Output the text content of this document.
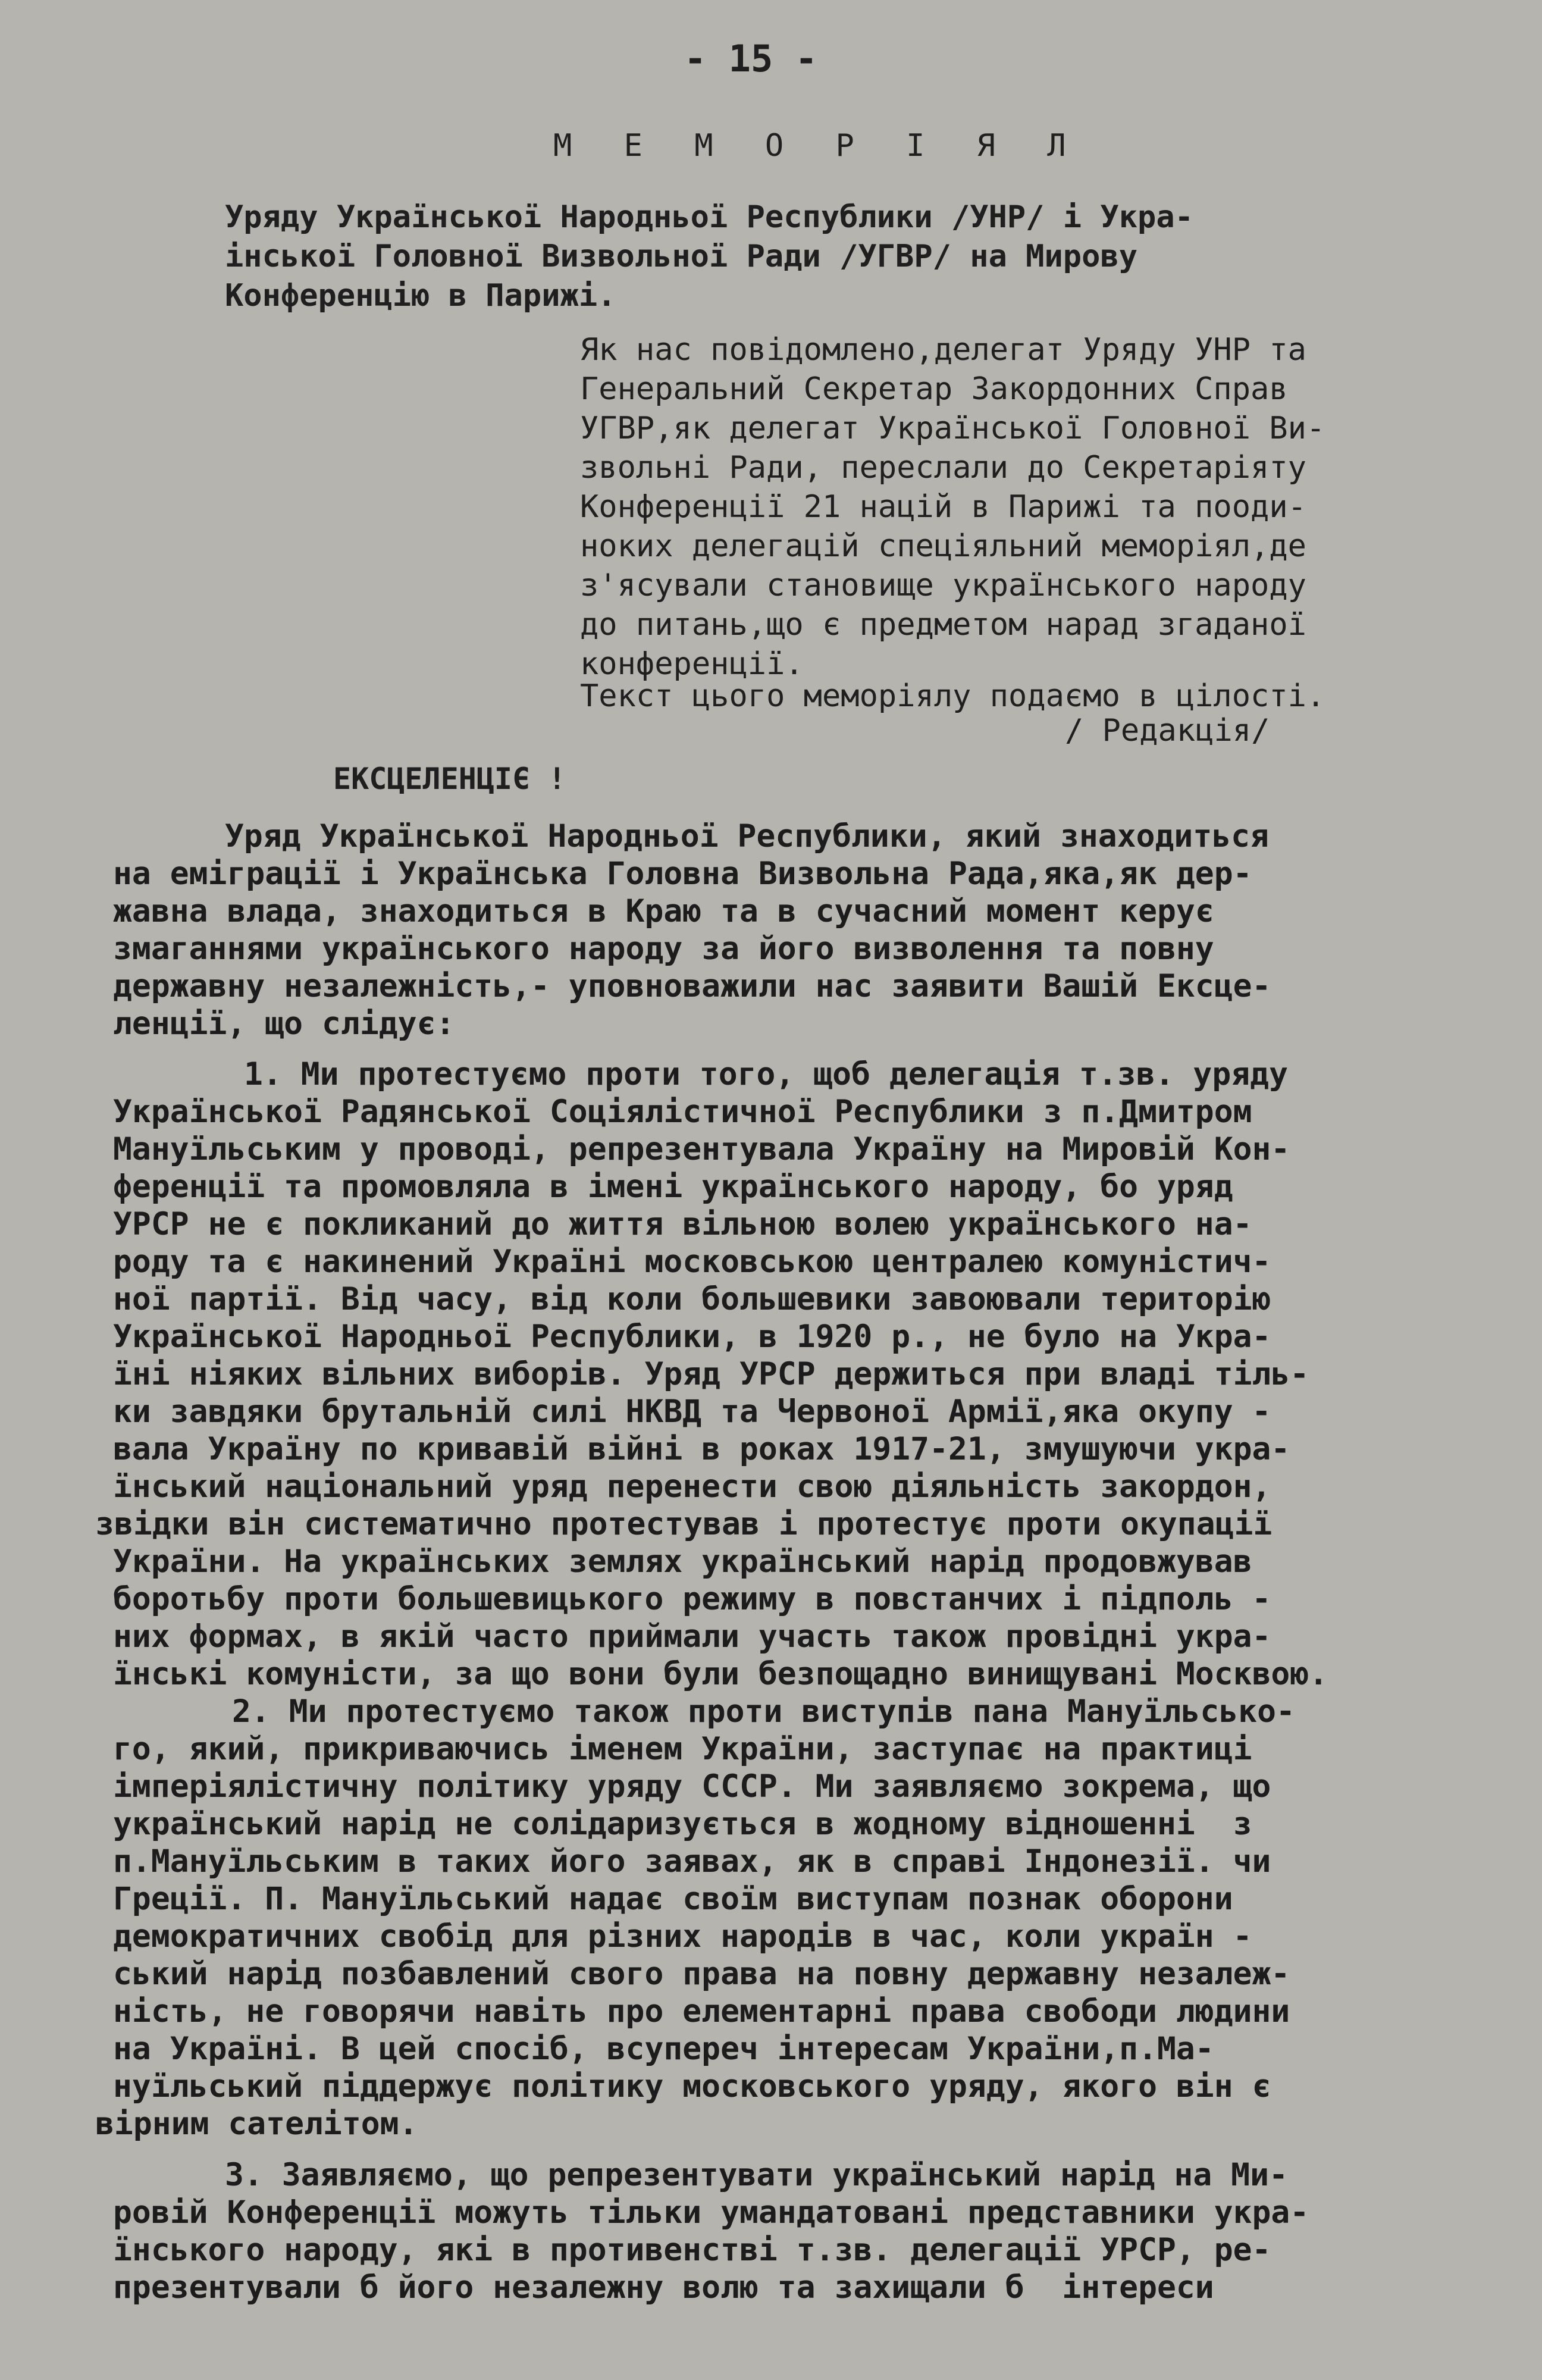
- 15 -
М Е М О Р І Я Л
Уряду Української Народньої Республики /УНР/ і Укра-
інської Головної Визвольної Ради /УГВР/ на Мирову
Конференцію в Парижі.
Як нас повідомлено,делегат Уряду УНР та
Генеральний Секретар Закордонних Справ
УГВР,як делегат Української Головної Ви-
звольні Ради, переслали до Секретаріяту
Конференції 21 націй в Парижі та пооди-
ноких делегацій спеціяльний меморіял,де
з'ясували становище українського народу
до питань,що є предметом нарад згаданої
конференції.
Текст цього меморіялу подаємо в цілості.
/ Редакція/
ЕКСЦЕЛЕНЦІЄ !
Уряд Української Народньої Республики, який знаходиться
на еміграції і Українська Головна Визвольна Рада,яка,як дер-
жавна влада, знаходиться в Краю та в сучасний момент керує
змаганнями українського народу за його визволення та повну
державну незалежність,- уповноважили нас заявити Вашій Ексце-
ленції, що слідує:
1. Ми протестуємо проти того, щоб делегація т.зв. уряду
Української Радянської Соціялістичної Республики з п.Дмитром
Мануїльським у проводі, репрезентувала Україну на Мировій Кон-
ференції та промовляла в імені українського народу, бо уряд
УРСР не є покликаний до життя вільною волею українського на-
роду та є накинений Україні московською централею комуністич-
ної партії. Від часу, від коли большевики завоювали територію
Української Народньої Республики, в 1920 р., не було на Укра-
їні ніяких вільних виборів. Уряд УРСР держиться при владі тіль-
ки завдяки брутальній силі НКВД та Червоної Армії,яка окупу -
вала Україну по кривавій війні в роках 1917-21, змушуючи укра-
їнський національний уряд перенести свою діяльність закордон,
звідки він систематично протестував і протестує проти окупації
України. На українських землях український нарід продовжував
боротьбу проти большевицького режиму в повстанчих і підполь -
них формах, в якій часто приймали участь також провідні укра-
їнські комуністи, за що вони були безпощадно винищувані Москвою.
2. Ми протестуємо також проти виступів пана Мануїльсько-
го, який, прикриваючись іменем України, заступає на практиці
імперіялістичну політику уряду СССР. Ми заявляємо зокрема, що
український нарід не солідаризується в жодному відношенні  з
п.Мануїльським в таких його заявах, як в справі Індонезії. чи
Греції. П. Мануїльський надає своїм виступам познак оборони
демократичних свобід для різних народів в час, коли україн -
ський нарід позбавлений свого права на повну державну незалеж-
ність, не говорячи навіть про елементарні права свободи людини
на Україні. В цей спосіб, всупереч інтересам України,п.Ма-
нуїльський піддержує політику московського уряду, якого він є
вірним сателітом.
3. Заявляємо, що репрезентувати український нарід на Ми-
ровій Конференції можуть тільки умандатовані представники укра-
їнського народу, які в противенстві т.зв. делегації УРСР, ре-
презентували б його незалежну волю та захищали б  інтереси
